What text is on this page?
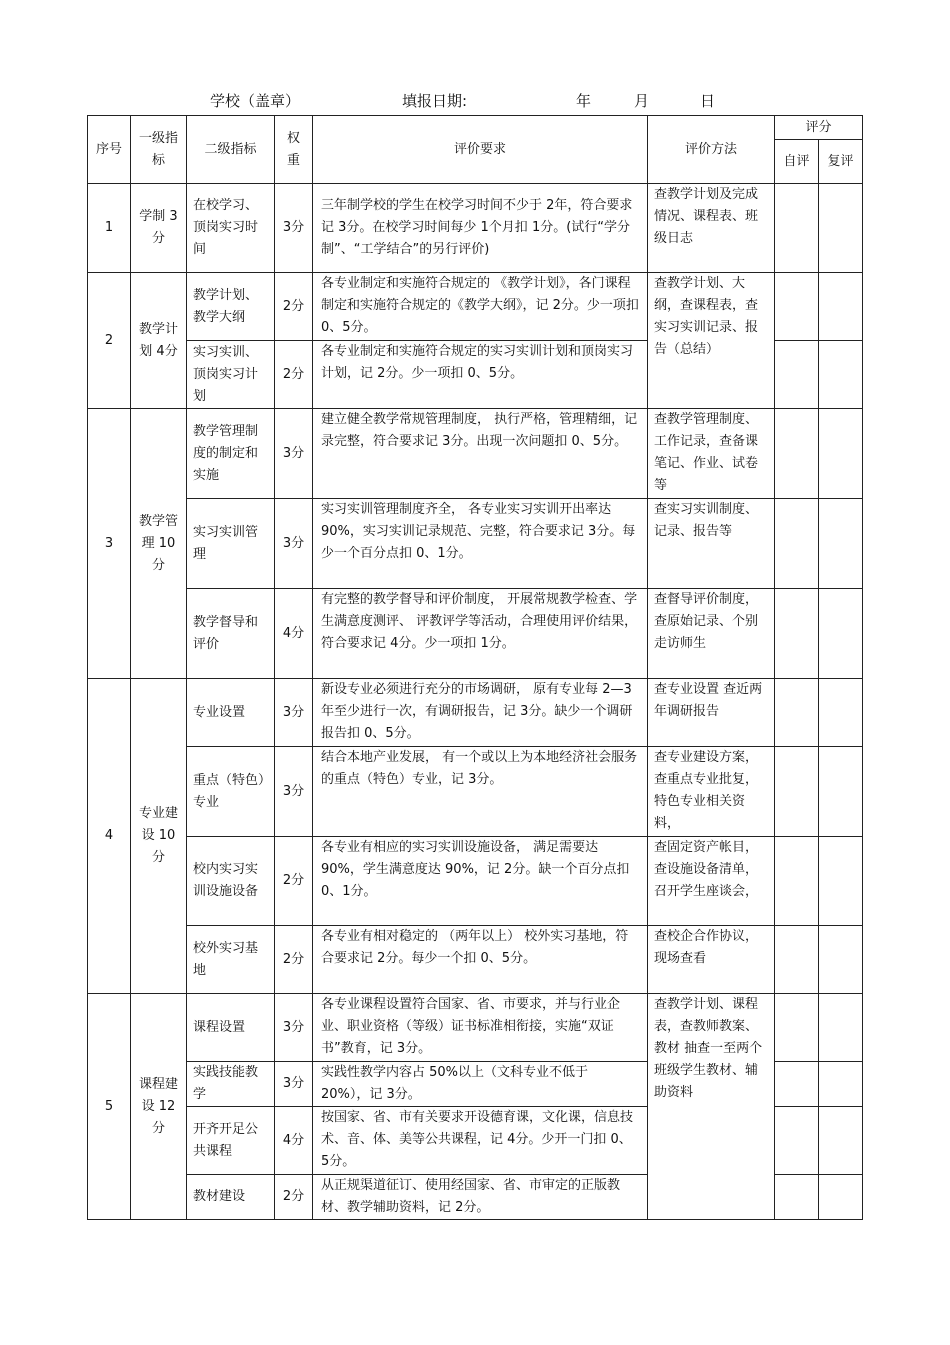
学校（盖章）	填报日期:	年	月	日
序号	一级指标	二级指标	权重	评价要求	评价方法	评分	
						自评	复评
1	学制 3分	在校学习、顶岗实习时间	3分	三年制学校的学生在校学习时间不少于 2年，符合要求记 3分。在校学习时间每少 1个月扣 1分。(试行“学分制”、“工学结合”的另行评价)	查教学计划及完成情况、课程表、班级日志		
2	教学计划 4分	教学计划、教学大纲	2分	各专业制定和实施符合规定的 《教学计划》，各门课程制定和实施符合规定的《教学大纲》，记 2分。少一项扣 0、5分。	查教学计划、大纲，查课程表，查实习实训记录、报告（总结）		
		实习实训、顶岗实习计划	2分	各专业制定和实施符合规定的实习实训计划和顶岗实习计划，记 2分。少一项扣 0、5分。			
3	教学管理 10分	教学管理制度的制定和实施	3分	建立健全教学常规管理制度， 执行严格，管理精细，记录完整，符合要求记 3分。出现一次问题扣 0、5分。	查教学管理制度、工作记录，查备课笔记、作业、试卷等		
		实习实训管理	3分	实习实训管理制度齐全， 各专业实习实训开出率达 90%，实习实训记录规范、完整，符合要求记 3分。每少一个百分点扣 0、1分。	查实习实训制度、记录、报告等		
		教学督导和评价	4分	有完整的教学督导和评价制度， 开展常规教学检查、学生满意度测评、 评教评学等活动，合理使用评价结果， 符合要求记 4分。少一项扣 1分。	查督导评价制度，查原始记录、个别走访师生		
4	专业建设 10分	专业设置	3分	新设专业必须进行充分的市场调研， 原有专业每 2—3年至少进行一次，有调研报告，记 3分。缺少一个调研报告扣 0、5分。	查专业设置 查近两年调研报告		
		重点（特色）专业	3分	结合本地产业发展， 有一个或以上为本地经济社会服务的重点（特色）专业，记 3分。	查专业建设方案，查重点专业批复，特色专业相关资料，		
		校内实习实训设施设备	2分	各专业有相应的实习实训设施设备， 满足需要达 90%，学生满意度达 90%，记 2分。缺一个百分点扣 0、1分。	查固定资产帐目，查设施设备清单，召开学生座谈会，		
		校外实习基地	2分	各专业有相对稳定的 （两年以上） 校外实习基地，符合要求记 2分。每少一个扣 0、5分。	查校企合作协议，现场查看		
5	课程建设 12分	课程设置	3分	各专业课程设置符合国家、省、市要求，并与行业企业、职业资格（等级）证书标准相衔接，实施“双证书”教育，记 3分。	查教学计划、课程表，查教师教案、教材 抽查一至两个班级学生教材、辅助资料		
		实践技能教学	3分	实践性教学内容占 50%以上（文科专业不低于 20%），记 3分。			
		开齐开足公共课程	4分	按国家、省、市有关要求开设德育课，文化课，信息技术、音、体、美等公共课程，记 4分。少开一门扣 0、5分。			
		教材建设	2分	从正规渠道征订、使用经国家、省、市审定的正版教材、教学辅助资料，记 2分。			
